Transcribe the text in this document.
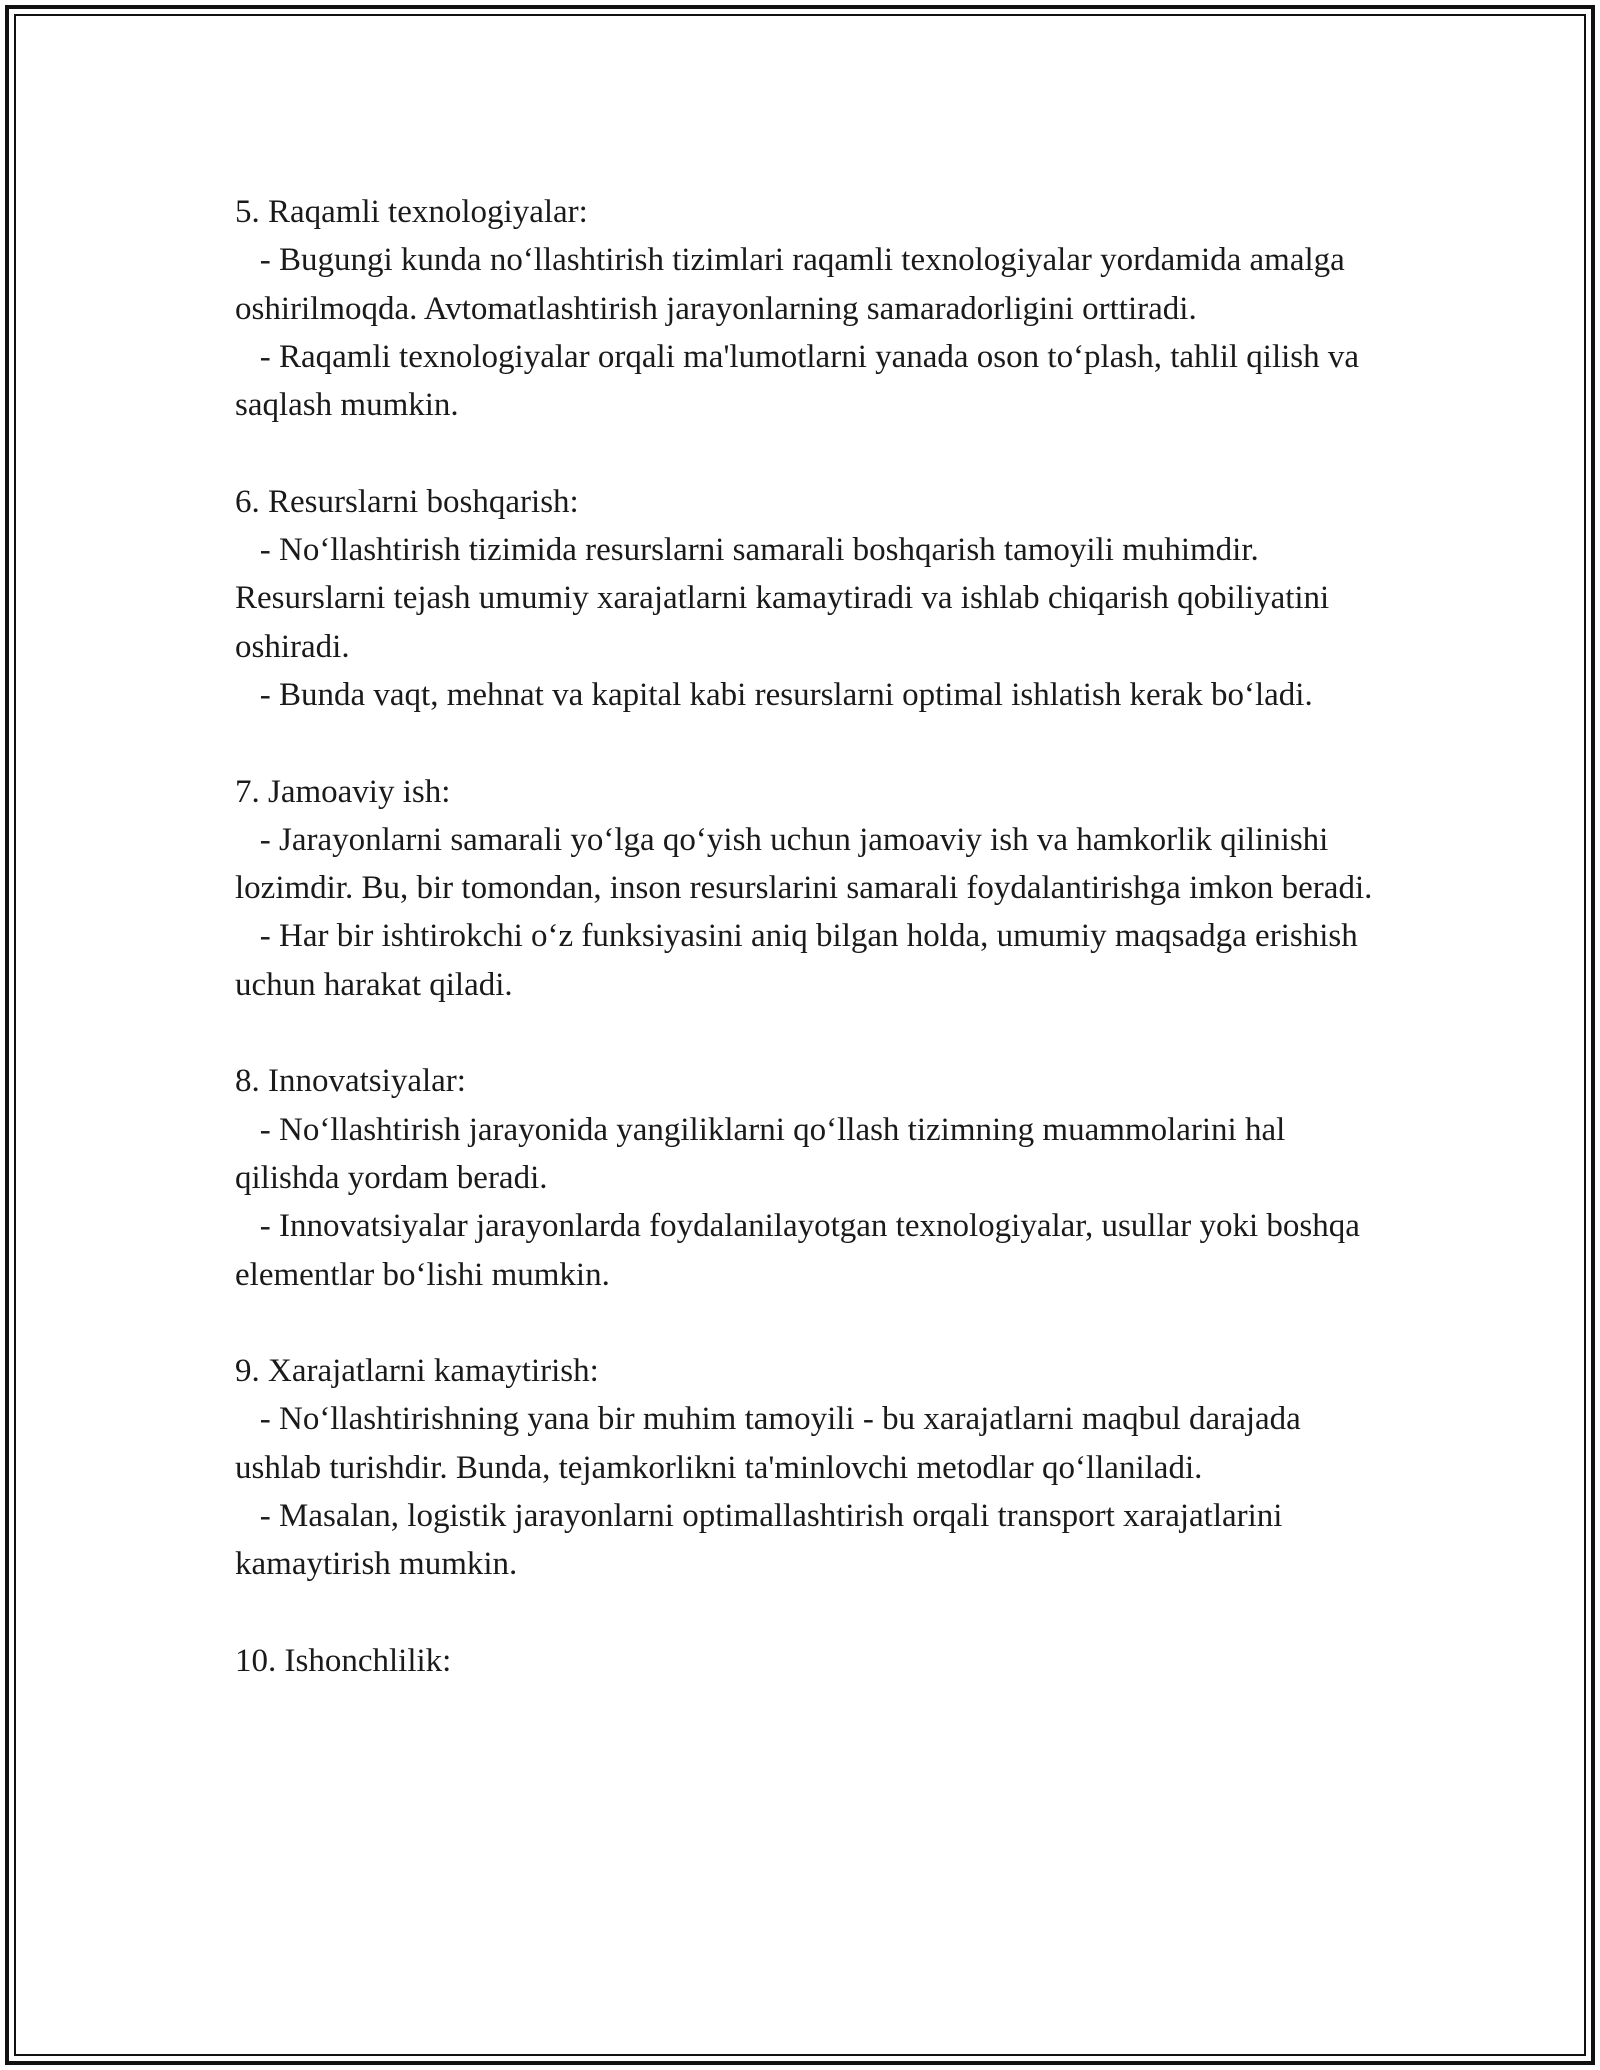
5. Raqamli texnologiyalar:

- Bugungi kunda no‘llashtirish tizimlari raqamli texnologiyalar yordamida amalga oshirilmoqda. Avtomatlashtirish jarayonlarning samaradorligini orttiradi.

- Raqamli texnologiyalar orqali ma'lumotlarni yanada oson to‘plash, tahlil qilish va saqlash mumkin.

6. Resurslarni boshqarish:

- No‘llashtirish tizimida resurslarni samarali boshqarish tamoyili muhimdir. Resurslarni tejash umumiy xarajatlarni kamaytiradi va ishlab chiqarish qobiliyatini oshiradi.

- Bunda vaqt, mehnat va kapital kabi resurslarni optimal ishlatish kerak bo‘ladi.

7. Jamoaviy ish:

- Jarayonlarni samarali yo‘lga qo‘yish uchun jamoaviy ish va hamkorlik qilinishi lozimdir. Bu, bir tomondan, inson resurslarini samarali foydalantirishga imkon beradi.

- Har bir ishtirokchi o‘z funksiyasini aniq bilgan holda, umumiy maqsadga erishish uchun harakat qiladi.

8. Innovatsiyalar:

- No‘llashtirish jarayonida yangiliklarni qo‘llash tizimning muammolarini hal qilishda yordam beradi.

- Innovatsiyalar jarayonlarda foydalanilayotgan texnologiyalar, usullar yoki boshqa elementlar bo‘lishi mumkin.

9. Xarajatlarni kamaytirish:

- No‘llashtirishning yana bir muhim tamoyili - bu xarajatlarni maqbul darajada ushlab turishdir. Bunda, tejamkorlikni ta'minlovchi metodlar qo‘llaniladi.

- Masalan, logistik jarayonlarni optimallashtirish orqali transport xarajatlarini kamaytirish mumkin.

10. Ishonchlilik:
